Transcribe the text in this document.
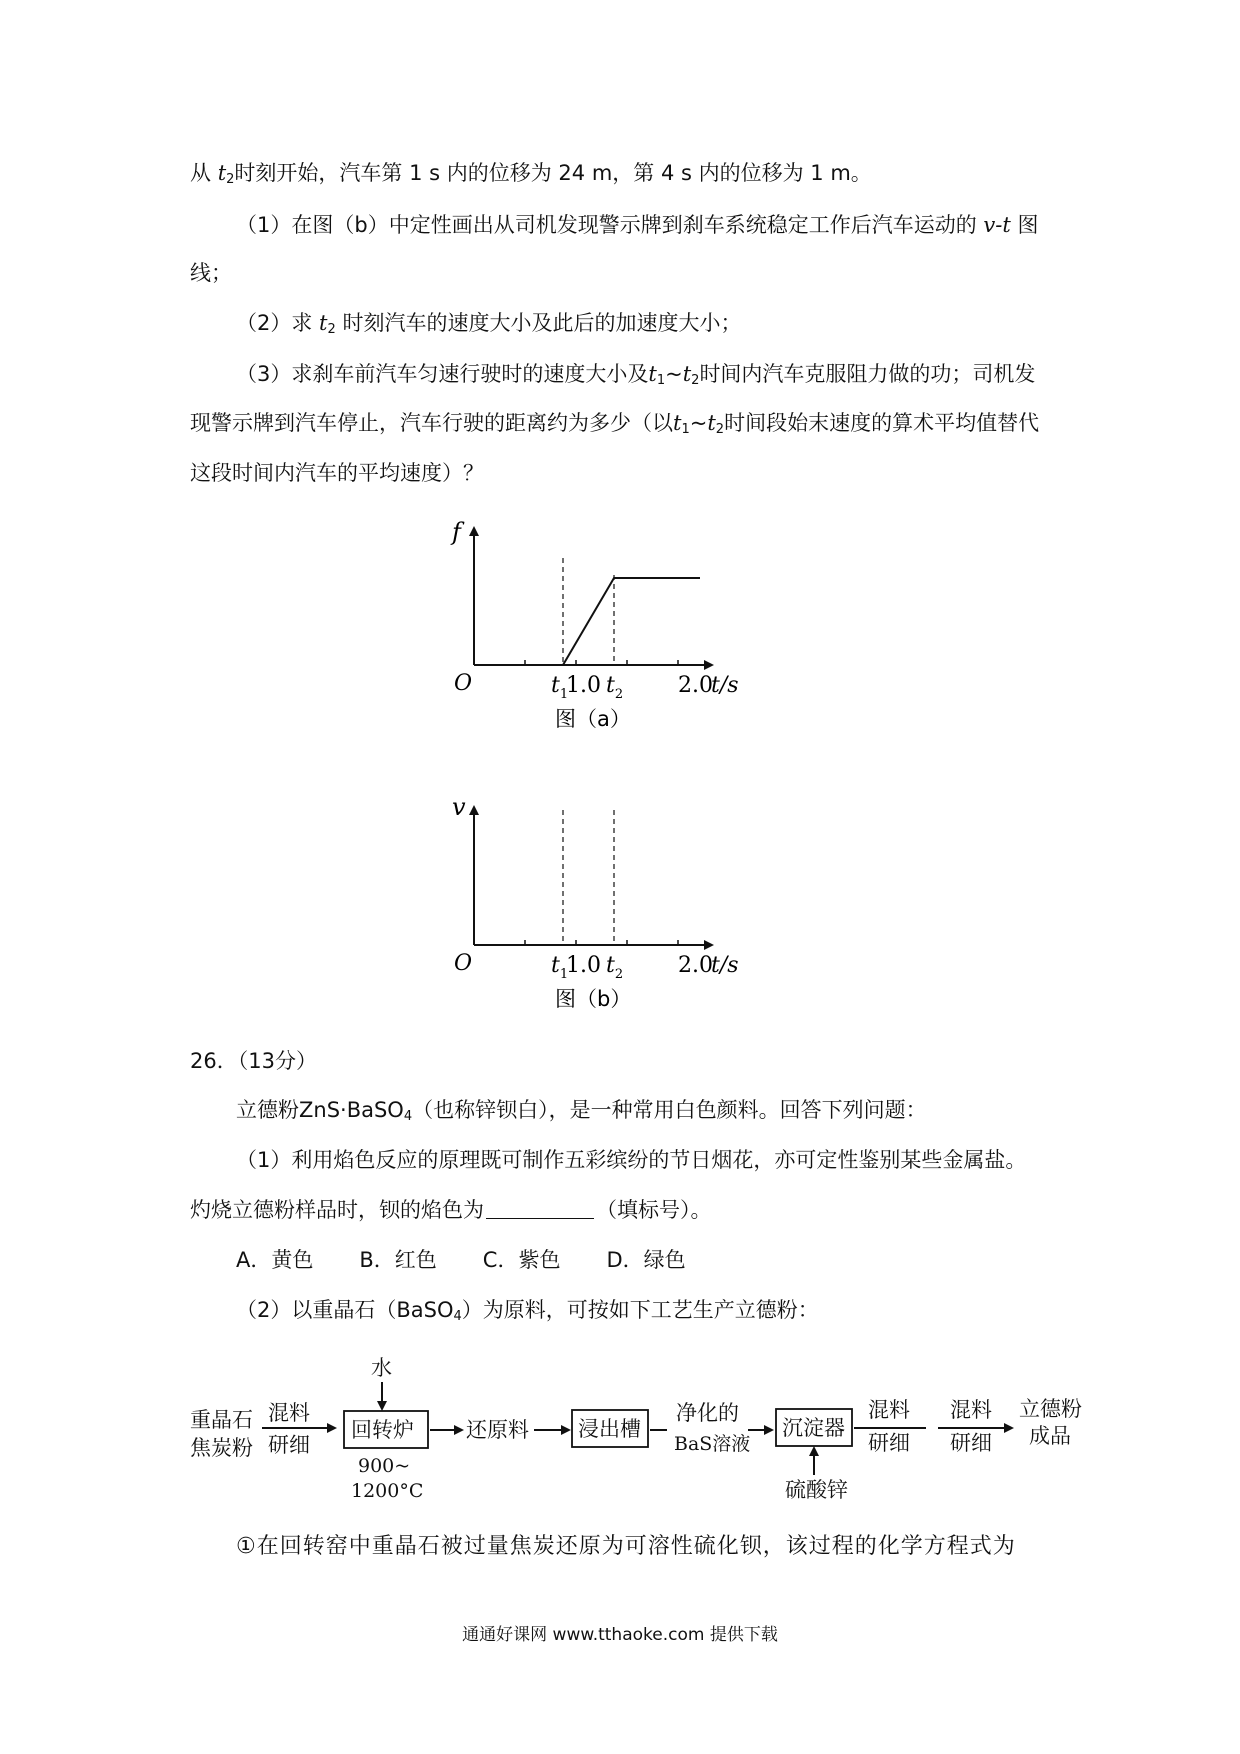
从 $t_2$时刻开始，汽车第 1 s 内的位移为 24 m，第 4 s 内的位移为 1 m。
（1）在图（b）中定性画出从司机发现警示牌到刹车系统稳定工作后汽车运动的 v-t 图
线；
（2）求 $t_2$ 时刻汽车的速度大小及此后的加速度大小；
（3）求刹车前汽车匀速行驶时的速度大小及$t_1\sim t_2$时间内汽车克服阻力做的功；司机发
现警示牌到汽车停止，汽车行驶的距离约为多少（以$t_1\sim t_2$时间段始末速度的算术平均值替代
这段时间内汽车的平均速度）？
f
O	$t_1$
1.0 $t_2$ 2.0
t/s
图（a）
v
O	$t_1$
1.0 $t_2$ 2.0
t/s
图（b）
26．（13分）
立德粉ZnS·BaSO$_4$（也称锌钡白），是一种常用白色颜料。回答下列问题：
（1）利用焰色反应的原理既可制作五彩缤纷的节日烟花，亦可定性鉴别某些金属盐。
灼烧立德粉样品时，钡的焰色为	（填标号）。
A．黄色 B．红色 C．紫色 D．绿色
（2）以重晶石（BaSO$_4$）为原料，可按如下工艺生产立德粉：
重晶石
焦炭粉
混料
研细
水
回转炉
900~
1200°C
还原料 浸出槽
净化的
BaS溶液
沉淀器
硫酸锌
混料
研细
混料
研细
立德粉
成品
①在回转窑中重晶石被过量焦炭还原为可溶性硫化钡，该过程的化学方程式为
通通好课网 www.tthaoke.com 提供下载
